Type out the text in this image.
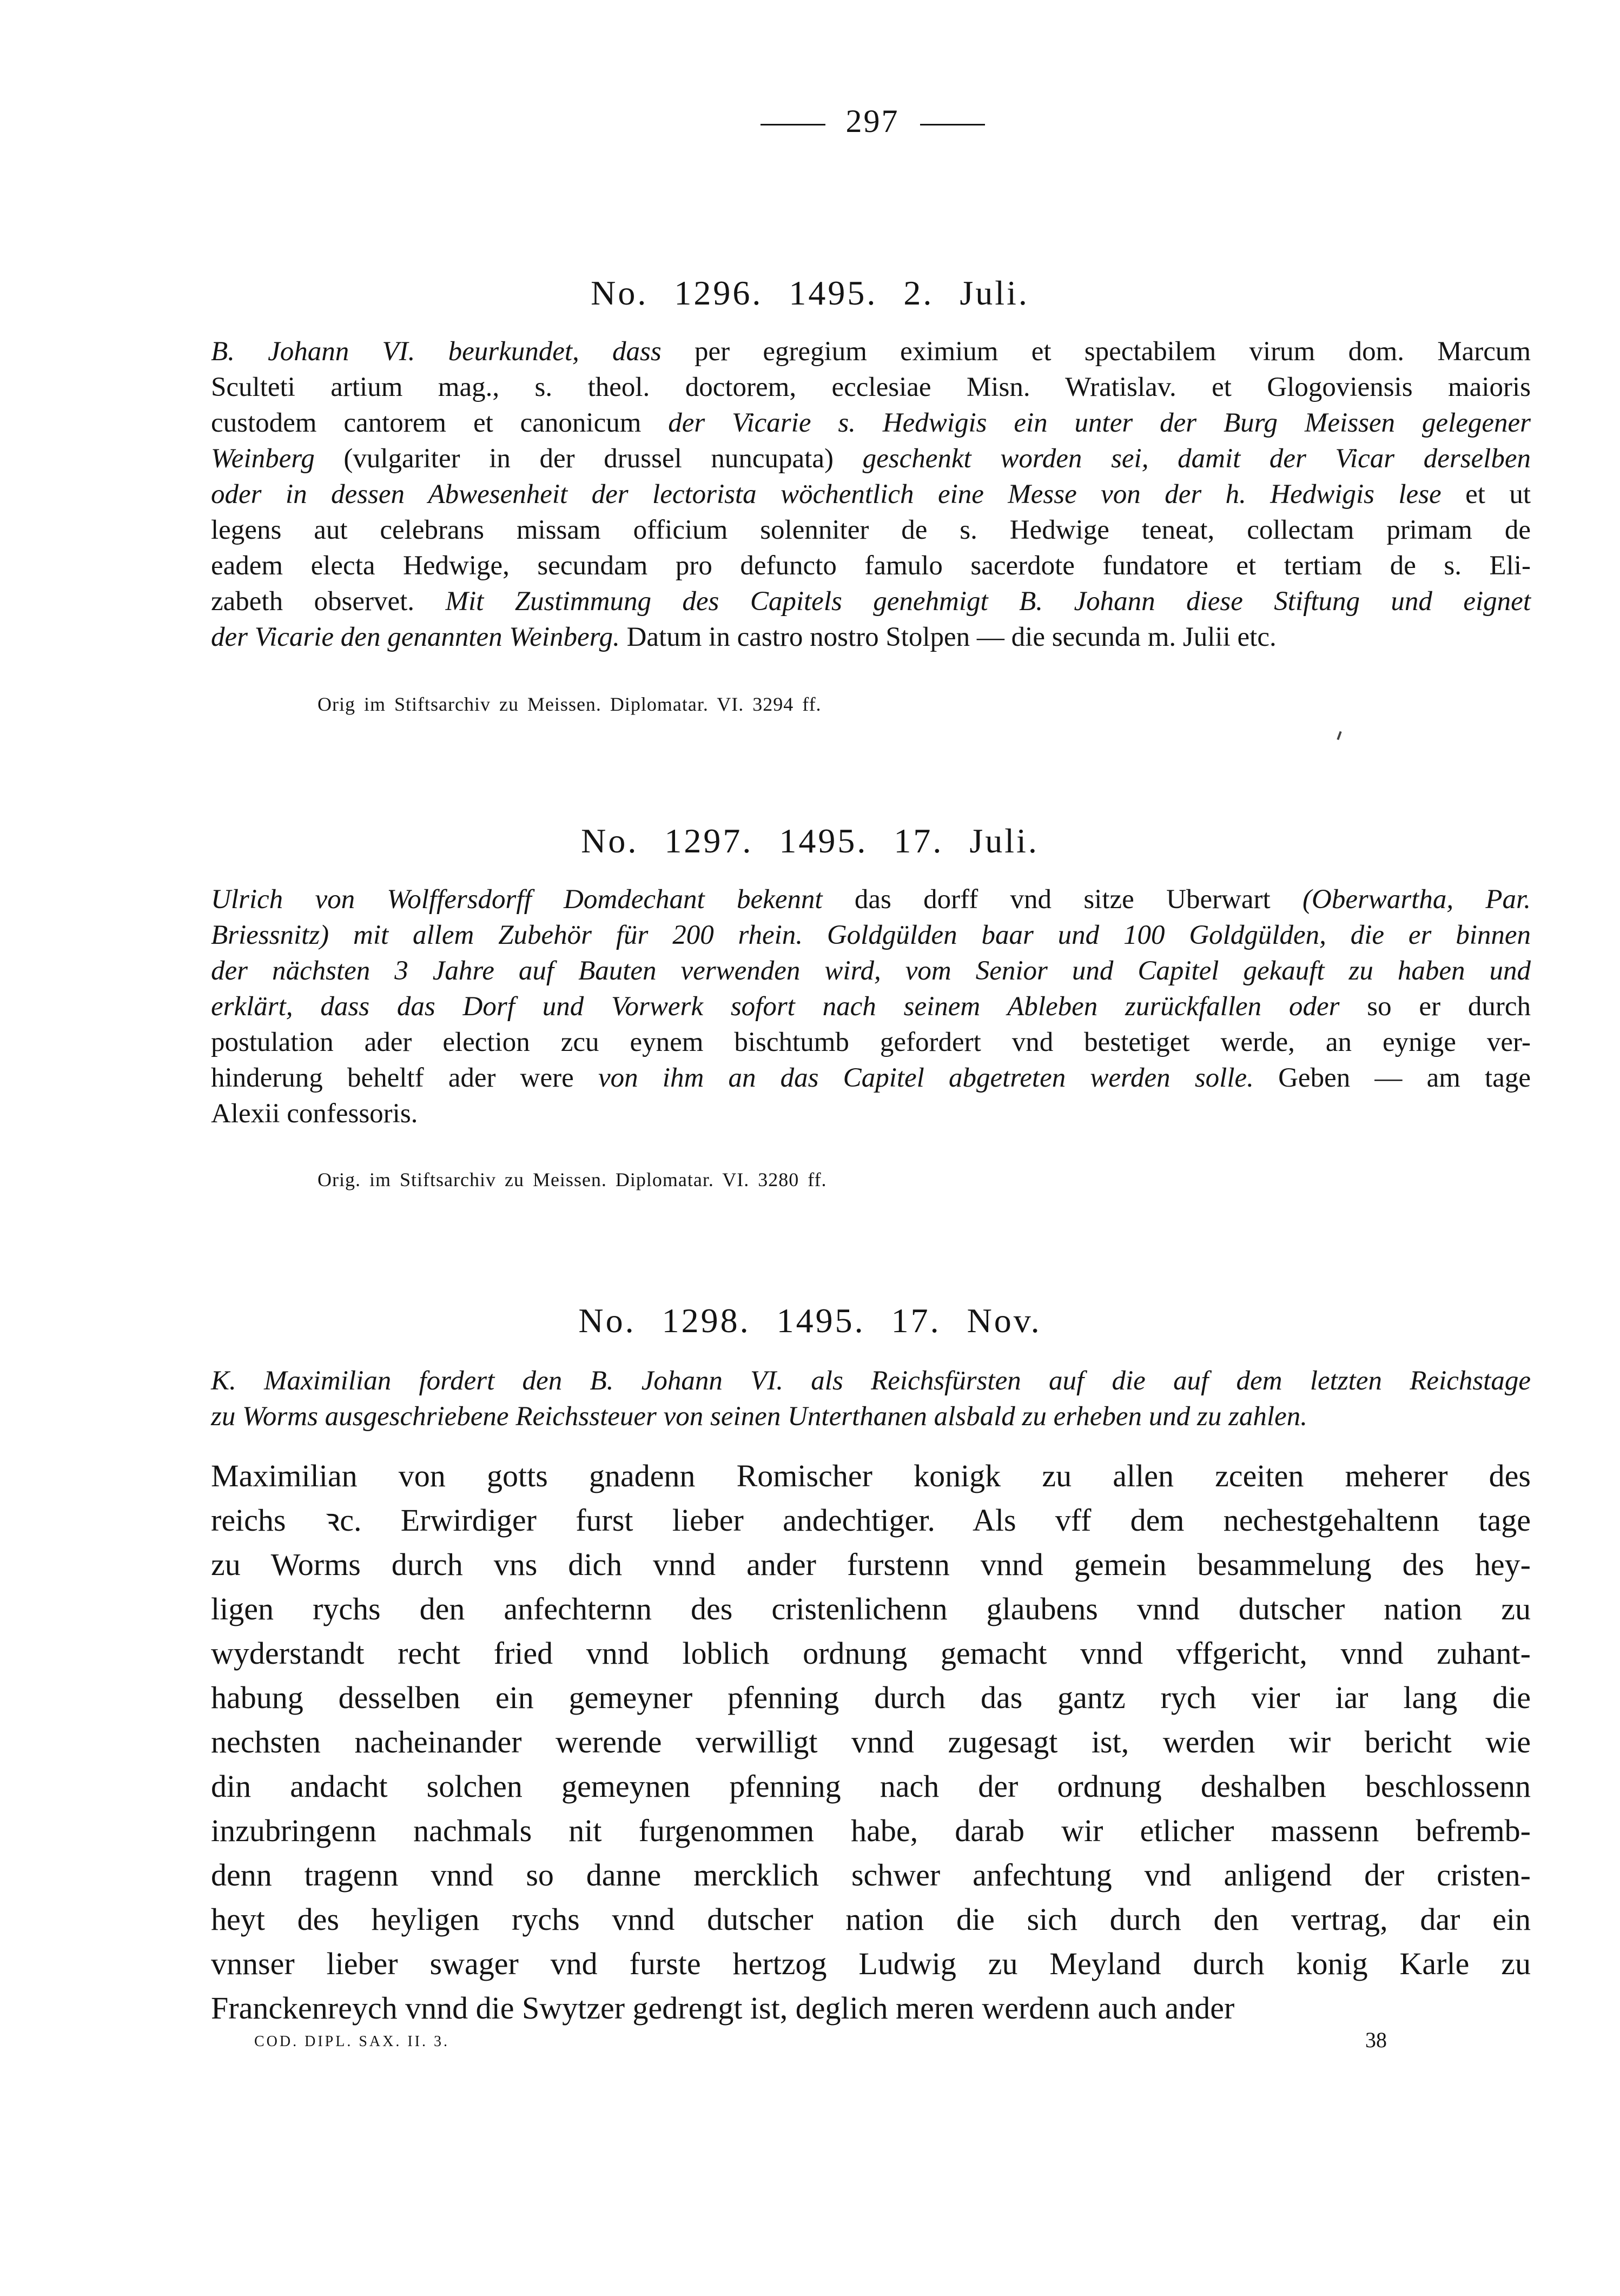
297
No. 1296. 1495. 2. Juli.
B. Johann VI. beurkundet, dass per egregium eximium et spectabilem virum dom. Marcum
Sculteti artium mag., s. theol. doctorem, ecclesiae Misn. Wratislav. et Glogoviensis maioris
custodem cantorem et canonicum der Vicarie s. Hedwigis ein unter der Burg Meissen gelegener
Weinberg (vulgariter in der drussel nuncupata) geschenkt worden sei, damit der Vicar derselben
oder in dessen Abwesenheit der lectorista wöchentlich eine Messe von der h. Hedwigis lese et ut
legens aut celebrans missam officium solenniter de s. Hedwige teneat, collectam primam de
eadem electa Hedwige, secundam pro defuncto famulo sacerdote fundatore et tertiam de s. Eli-
zabeth observet. Mit Zustimmung des Capitels genehmigt B. Johann diese Stiftung und eignet
der Vicarie den genannten Weinberg. Datum in castro nostro Stolpen — die secunda m. Julii etc.
Orig im Stiftsarchiv zu Meissen. Diplomatar. VI. 3294 ff.
No. 1297. 1495. 17. Juli.
Ulrich von Wolffersdorff Domdechant bekennt das dorff vnd sitze Uberwart (Oberwartha, Par.
Briessnitz) mit allem Zubehör für 200 rhein. Goldgülden baar und 100 Goldgülden, die er binnen
der nächsten 3 Jahre auf Bauten verwenden wird, vom Senior und Capitel gekauft zu haben und
erklärt, dass das Dorf und Vorwerk sofort nach seinem Ableben zurückfallen oder so er durch
postulation ader election zcu eynem bischtumb gefordert vnd bestetiget werde, an eynige ver-
hinderung beheltf ader were von ihm an das Capitel abgetreten werden solle. Geben — am tage
Alexii confessoris.
Orig. im Stiftsarchiv zu Meissen. Diplomatar. VI. 3280 ff.
No. 1298. 1495. 17. Nov.
K. Maximilian fordert den B. Johann VI. als Reichsfürsten auf die auf dem letzten Reichstage
zu Worms ausgeschriebene Reichssteuer von seinen Unterthanen alsbald zu erheben und zu zahlen.
Maximilian von gotts gnadenn Romischer konigk zu allen zceiten meherer des
reichs ꝛc. Erwirdiger furst lieber andechtiger. Als vff dem nechestgehaltenn tage
zu Worms durch vns dich vnnd ander furstenn vnnd gemein besammelung des hey-
ligen rychs den anfechternn des cristenlichenn glaubens vnnd dutscher nation zu
wyderstandt recht fried vnnd loblich ordnung gemacht vnnd vffgericht, vnnd zuhant-
habung desselben ein gemeyner pfenning durch das gantz rych vier iar lang die
nechsten nacheinander werende verwilligt vnnd zugesagt ist, werden wir bericht wie
din andacht solchen gemeynen pfenning nach der ordnung deshalben beschlossenn
inzubringenn nachmals nit furgenommen habe, darab wir etlicher massenn befremb-
denn tragenn vnnd so danne mercklich schwer anfechtung vnd anligend der cristen-
heyt des heyligen rychs vnnd dutscher nation die sich durch den vertrag, dar ein
vnnser lieber swager vnd furste hertzog Ludwig zu Meyland durch konig Karle zu
Franckenreych vnnd die Swytzer gedrengt ist, deglich meren werdenn auch ander
COD. DIPL. SAX. II. 3.	38
